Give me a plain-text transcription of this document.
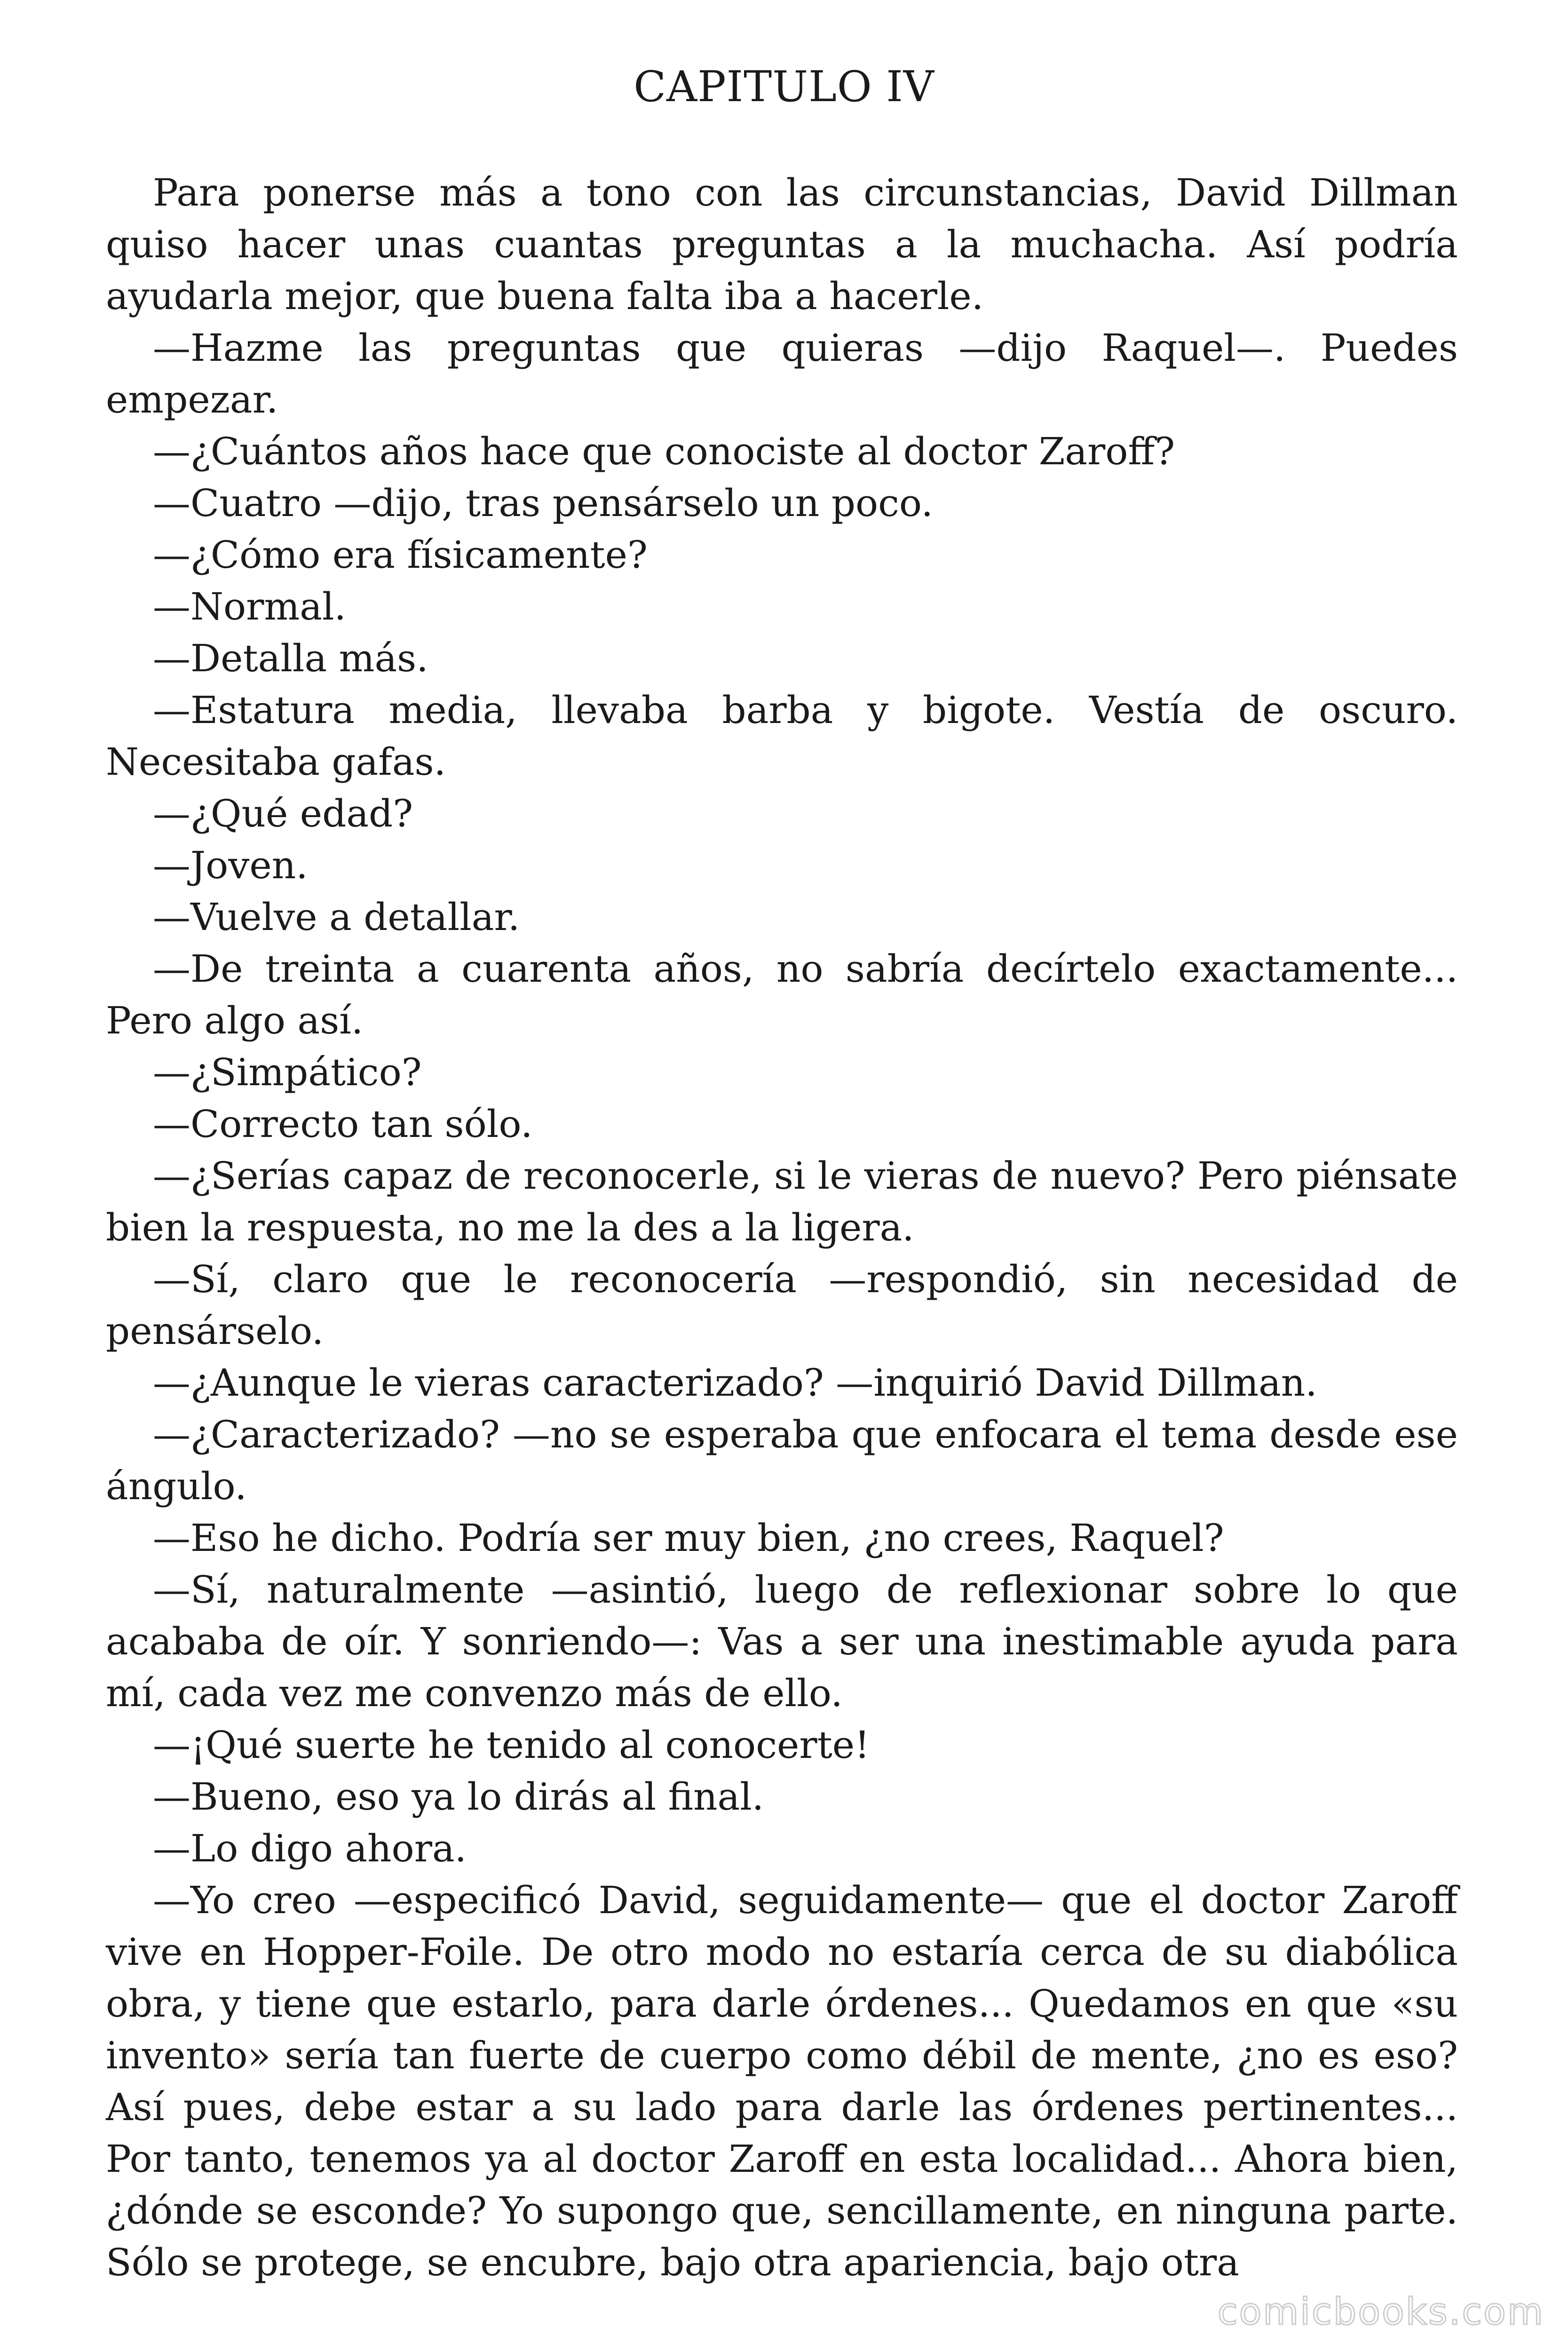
CAPITULO IV

Para ponerse más a tono con las circunstancias, David Dillman quiso hacer unas cuantas preguntas a la muchacha. Así podría ayudarla mejor, que buena falta iba a hacerle.

—Hazme las preguntas que quieras —dijo Raquel—. Puedes empezar.

—¿Cuántos años hace que conociste al doctor Zaroff?

—Cuatro —dijo, tras pensárselo un poco.

—¿Cómo era físicamente?

—Normal.

—Detalla más.

—Estatura media, llevaba barba y bigote. Vestía de oscuro. Necesitaba gafas.

—¿Qué edad?

—Joven.

—Vuelve a detallar.

—De treinta a cuarenta años, no sabría decírtelo exactamente... Pero algo así.

—¿Simpático?

—Correcto tan sólo.

—¿Serías capaz de reconocerle, si le vieras de nuevo? Pero piénsate bien la respuesta, no me la des a la ligera.

—Sí, claro que le reconocería —respondió, sin necesidad de pensárselo.

—¿Aunque le vieras caracterizado? —inquirió David Dillman.

—¿Caracterizado? —no se esperaba que enfocara el tema desde ese ángulo.

—Eso he dicho. Podría ser muy bien, ¿no crees, Raquel?

—Sí, naturalmente —asintió, luego de reflexionar sobre lo que acababa de oír. Y sonriendo—: Vas a ser una inestimable ayuda para mí, cada vez me convenzo más de ello.

—¡Qué suerte he tenido al conocerte!

—Bueno, eso ya lo dirás al final.

—Lo digo ahora.

—Yo creo —especificó David, seguidamente— que el doctor Zaroff vive en Hopper-Foile. De otro modo no estaría cerca de su diabólica obra, y tiene que estarlo, para darle órdenes... Quedamos en que «su invento» sería tan fuerte de cuerpo como débil de mente, ¿no es eso? Así pues, debe estar a su lado para darle las órdenes pertinentes... Por tanto, tenemos ya al doctor Zaroff en esta localidad... Ahora bien, ¿dónde se esconde? Yo supongo que, sencillamente, en ninguna parte. Sólo se protege, se encubre, bajo otra apariencia, bajo otra

comicbooks.com
